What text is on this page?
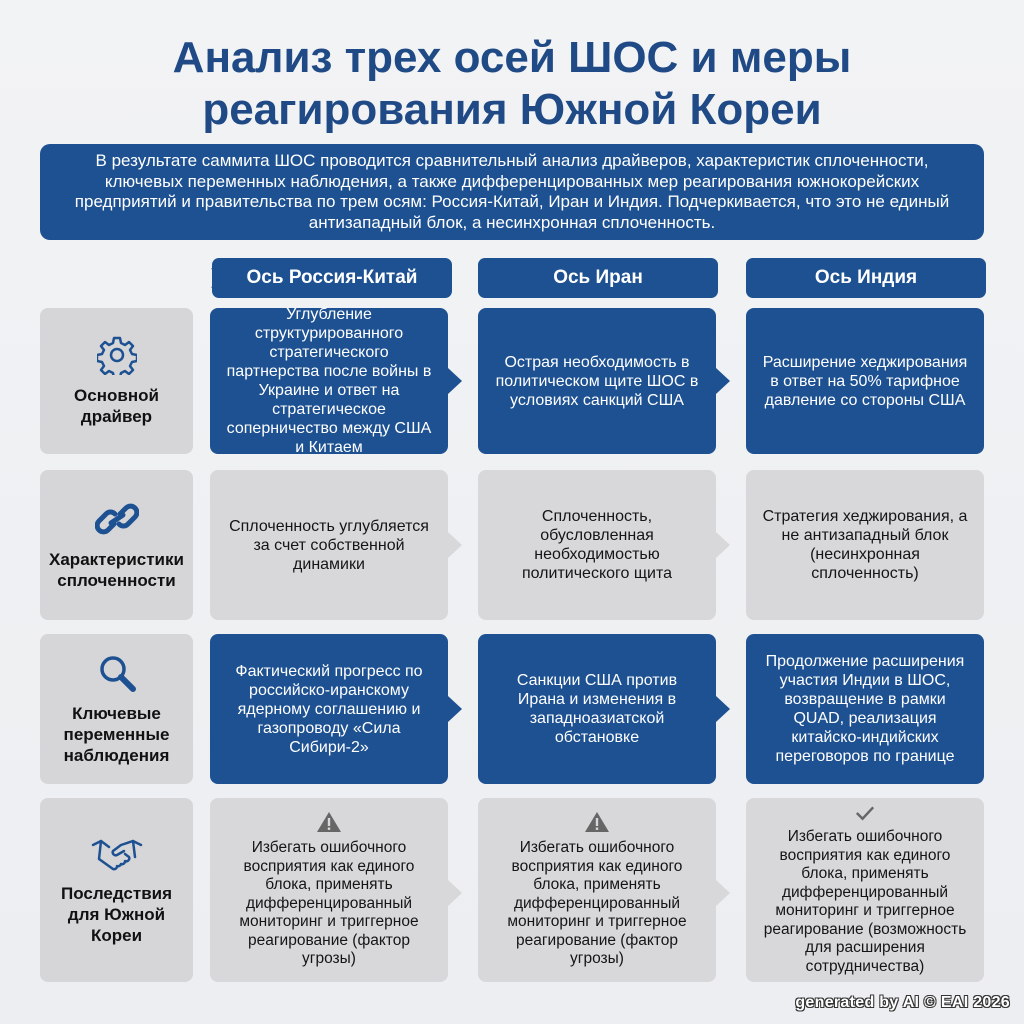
Анализ трех осей ШОС и меры
реагирования Южной Кореи
В результате саммита ШОС проводится сравнительный анализ драйверов, характеристик сплоченности, ключевых переменных наблюдения, а также дифференцированных мер реагирования южнокорейских предприятий и правительства по трем осям: Россия-Китай, Иран и Индия. Подчеркивается, что это не единый антизападный блок, а несинхронная сплоченность.
Ось Россия-Китай	Ось Иран	Ось Индия
Основной драйвер
Углубление структурированного стратегического партнерства после войны в Украине и ответ на стратегическое соперничество между США и Китаем
Острая необходимость в политическом щите ШОС в условиях санкций США
Расширение хеджирования в ответ на 50% тарифное давление со стороны США
Характеристики сплоченности
Сплоченность углубляется за счет собственной динамики
Сплоченность, обусловленная необходимостью политического щита
Стратегия хеджирования, а не антизападный блок (несинхронная сплоченность)
Ключевые переменные наблюдения
Фактический прогресс по российско-иранскому ядерному соглашению и газопроводу «Сила Сибири-2»
Санкции США против Ирана и изменения в западноазиатской обстановке
Продолжение расширения участия Индии в ШОС, возвращение в рамки QUAD, реализация китайско-индийских переговоров по границе
Последствия для Южной Кореи
Избегать ошибочного восприятия как единого блока, применять дифференцированный мониторинг и триггерное реагирование (фактор угрозы)
Избегать ошибочного восприятия как единого блока, применять дифференцированный мониторинг и триггерное реагирование (фактор угрозы)
Избегать ошибочного восприятия как единого блока, применять дифференцированный мониторинг и триггерное реагирование (возможность для расширения сотрудничества)
generated by AI © EAI 2026
